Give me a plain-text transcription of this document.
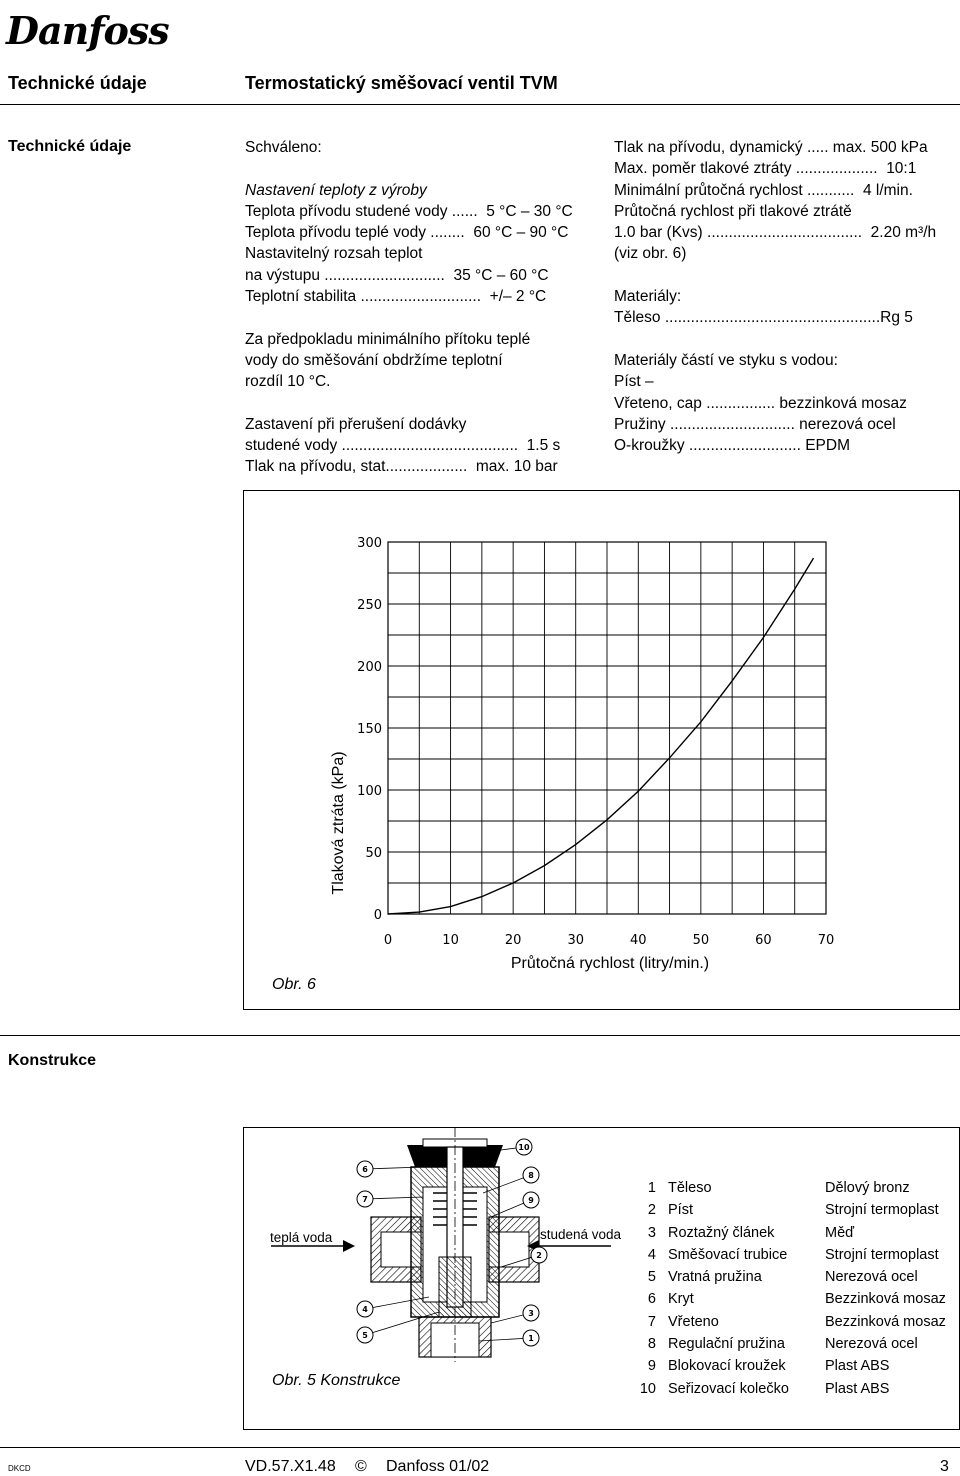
Danfoss
Technické údaje	Termostatický směšovací ventil TVM
Technické údaje	Schváleno:
Nastavení teploty z výroby
Teplota přívodu studené vody ......  5 °C – 30 °C
Teplota přívodu teplé vody ........  60 °C – 90 °C
Nastavitelný rozsah teplot
na výstupu ............................  35 °C – 60 °C
Teplotní stabilita ............................  +/– 2 °C
Za předpokladu minimálního přítoku teplé
vody do směšování obdržíme teplotní
rozdíl 10 °C.
Zastavení při přerušení dodávky
studené vody .........................................  1.5 s
Tlak na přívodu, stat...................  max. 10 bar
Tlak na přívodu, dynamický ..... max. 500 kPa
Max. poměr tlakové ztráty ...................  10:1
Minimální průtočná rychlost ...........  4 l/min.
Průtočná rychlost při tlakové ztrátě
1.0 bar (Kvs) ....................................  2.20 m³/h
(viz obr. 6)
Materiály:
Těleso ..................................................Rg 5
Materiály částí ve styku s vodou:
Píst –
Vřeteno, cap ................ bezzinková mosaz
Pružiny ............................. nerezová ocel
O-kroužky .......................... EPDM
0	10	20	30	40	50	60	70
0
50
100
150
200
250
300
Tlaková ztráta (kPa)
Průtočná rychlost (litry/min.)
Obr. 6
Konstrukce
6
7
4
5
10
8
9
2
3
1
teplá voda	studená voda
Obr. 5 Konstrukce
1 Těleso	Dělový bronz
2 Píst	Strojní termoplast
3 Roztažný článek	Měď
4 Směšovací trubice	Strojní termoplast
5 Vratná pružina	Nerezová ocel
6 Kryt	Bezzinková mosaz
7 Vřeteno	Bezzinková mosaz
8 Regulační pružina	Nerezová ocel
9 Blokovací kroužek	Plast ABS
10 Seřizovací kolečko Plast ABS
DKCD	VD.57.X1.48 © Danfoss 01/02	3
